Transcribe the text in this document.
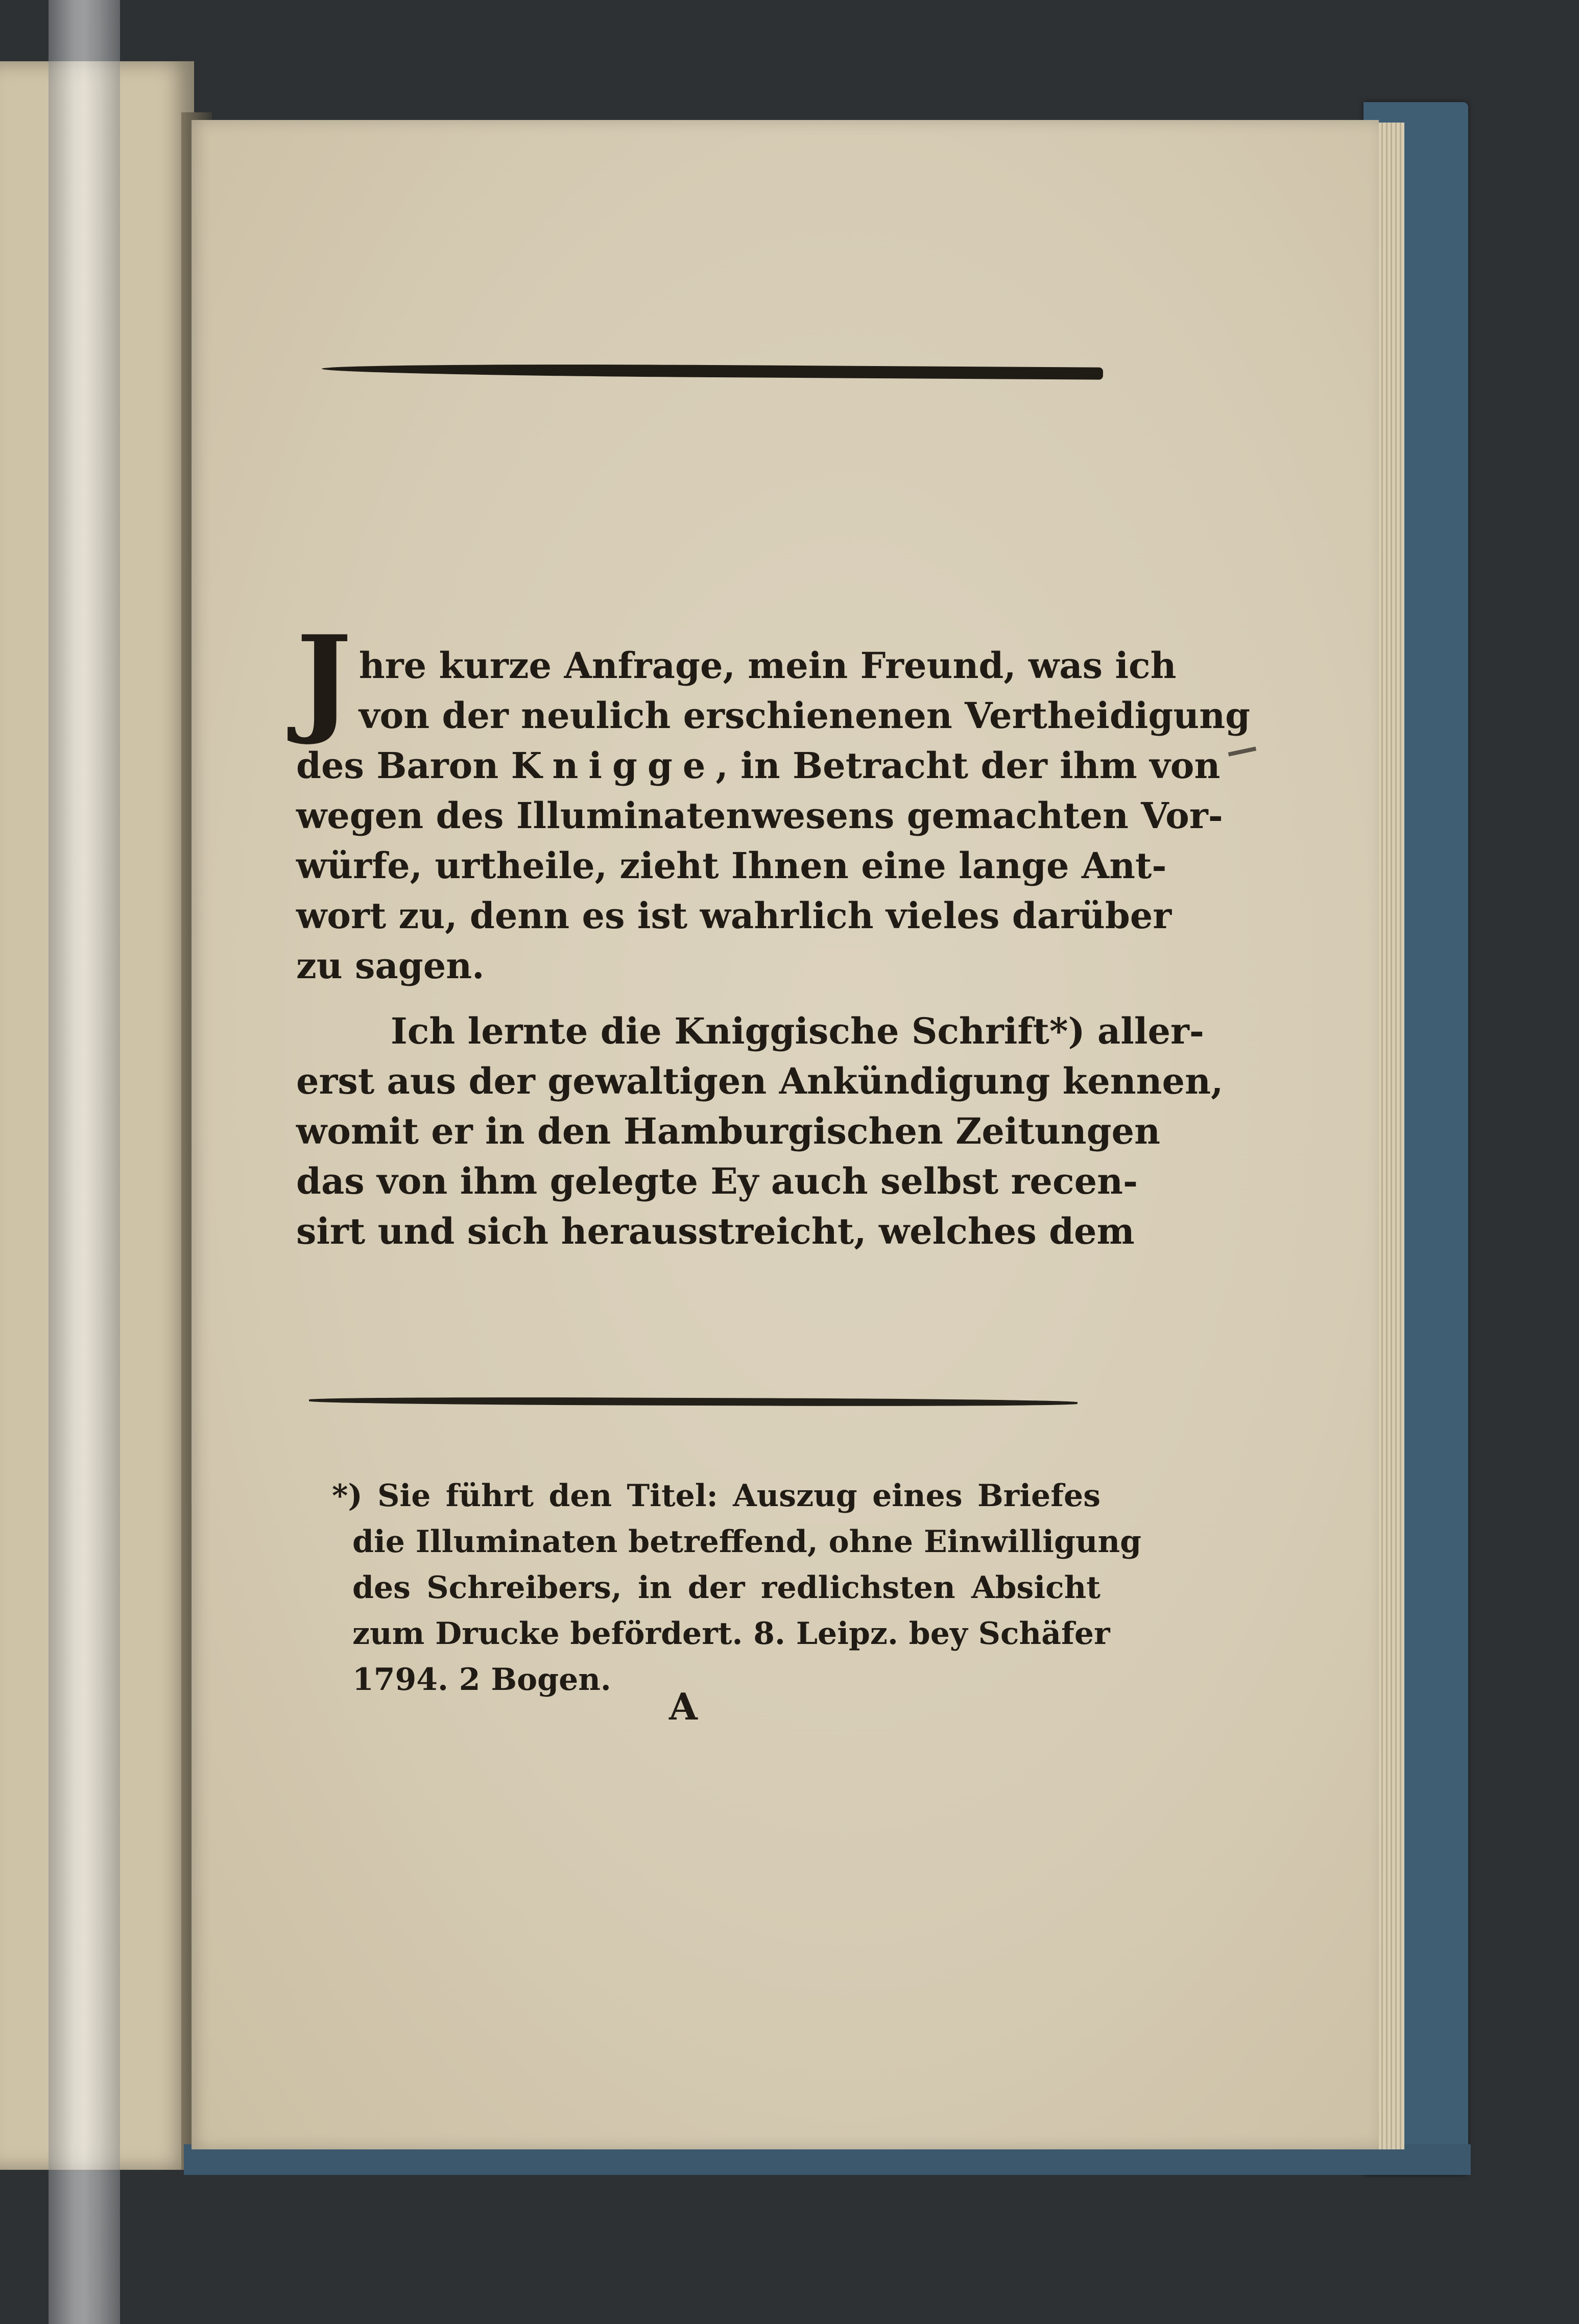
J hre kurze Anfrage, mein Freund, was ich
von der neulich erschienenen Vertheidigung
des Baron Knigge, in Betracht der ihm von
wegen des Illuminatenwesens gemachten Vor-
würfe, urtheile, zieht Ihnen eine lange Ant-
wort zu, denn es ist wahrlich vieles darüber
zu sagen.

Ich lernte die Kniggische Schrift*) aller-
erst aus der gewaltigen Ankündigung kennen,
womit er in den Hamburgischen Zeitungen
das von ihm gelegte Ey auch selbst recen-
sirt und sich herausstreicht, welches dem

*) Sie führt den Titel: Auszug eines Briefes
die Illuminaten betreffend, ohne Einwilligung
des Schreibers, in der redlichsten Absicht
zum Drucke befördert. 8. Leipz. bey Schäfer
1794. 2 Bogen.
A
